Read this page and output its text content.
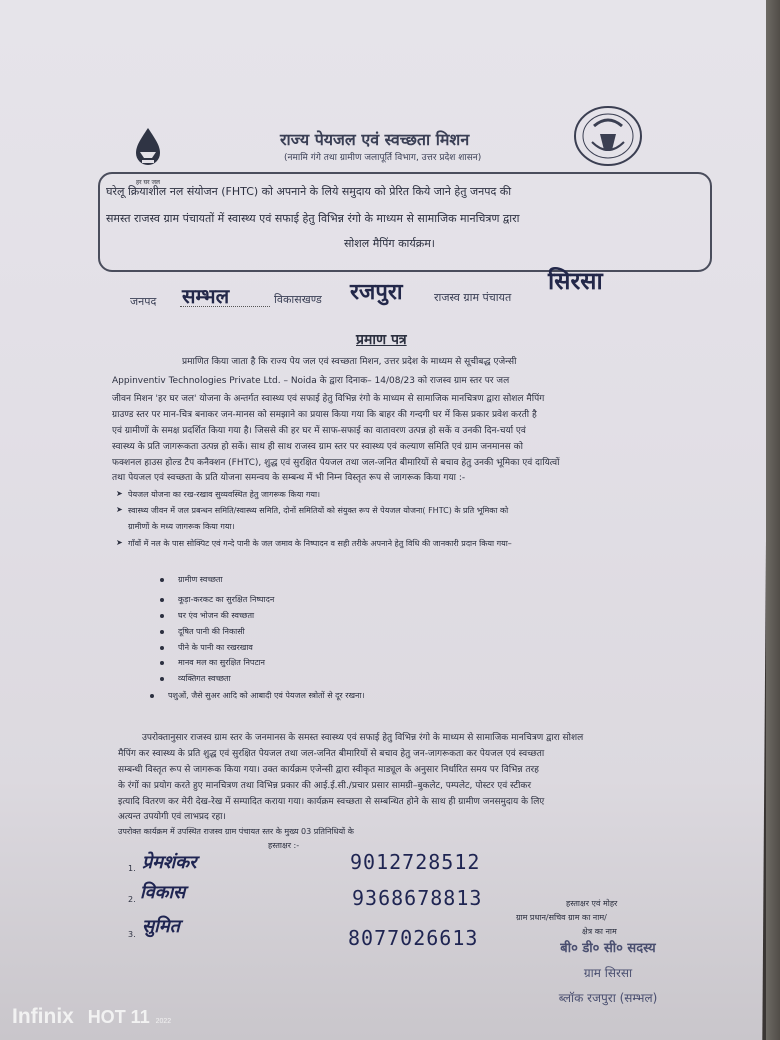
हर घर जल
राज्य पेयजल एवं स्वच्छता मिशन
(नमामि गंगे तथा ग्रामीण जलापूर्ति विभाग, उत्तर प्रदेश शासन)
घरेलू क्रियाशील नल संयोजन (FHTC) को अपनाने के लिये समुदाय को प्रेरित किये जाने हेतु जनपद की
समस्त राजस्व ग्राम पंचायतों में स्वास्थ्य एवं सफाई हेतु विभिन्न रंगो के माध्यम से सामाजिक मानचित्रण द्वारा
सोशल मैपिंग कार्यक्रम।
जनपद सम्भल	विकासखण्ड रजपुरा	राजस्व ग्राम पंचायत
सिरसा
प्रमाण पत्र
प्रमाणित किया जाता है कि राज्य पेय जल एवं स्वच्छता मिशन, उत्तर प्रदेश के माध्यम से सूचीबद्ध एजेन्सी
Appinventiv Technologies Private Ltd. – Noida के द्वारा दिनाक– 14/08/23 को राजस्व ग्राम स्तर पर जल
जीवन मिशन 'हर घर जल' योजना के अन्तर्गत स्वास्थ्य एवं सफाई हेतु विभिन्न रंगो के माध्यम से सामाजिक मानचित्रण द्वारा सोशल मैपिंग
ग्राउण्ड स्तर पर मान-चित्र बनाकर जन-मानस को समझाने का प्रयास किया गया कि बाहर की गन्दगी घर में किस प्रकार प्रवेश करती है
एवं ग्रामीणों के समक्ष प्रदर्शित किया गया है। जिससे की हर घर में साफ-सफाई का वातावरण उत्पन्न हो सकें व उनकी दिन-चर्या एवं
स्वास्थ्य के प्रति जागरूकता उत्पन्न हो सकें। साथ ही साथ राजस्व ग्राम स्तर पर स्वास्थ्य एवं कल्याण समिति एवं ग्राम जनमानस को
फक्शनल हाउस होल्ड टैप कनैक्शन (FHTC), शुद्ध एवं सुरक्षित पेयजल तथा जल-जनित बीमारियों से बचाव हेतु उनकी भूमिका एवं दायित्वों
तथा पेयजल एवं स्वच्छता के प्रति योजना समन्वय के सम्बन्ध में भी निम्न विस्तृत रूप से जागरूक किया गया :-
➤ पेयजल योजना का रख-रखाव सुव्यवस्थित हेतु जागरूक किया गया।
➤ स्वास्थ्य जीवन में जल प्रबन्धन समिति/स्वास्थ्य समिति, दोनों समितियों को संयुक्त रूप से पेयजल योजना( FHTC) के प्रति भूमिका को
ग्रामीणों के मध्य जागरूक किया गया।
➤ गाँवों में नल के पास सोक्पिट एवं गन्दे पानी के जल जमाव के निष्पादन व सही तरीके अपनाने हेतु विधि की जानकारी प्रदान किया गया–
ग्रामीण स्वच्छता
कूड़ा-करकट का सुरक्षित निष्पादन
घर एंव भोजन की स्वच्छता
दूषित पानी की निकासी
पीने के पानी का रखरखाव
मानव मल का सुरक्षित निपटान
व्यक्तिगत स्वच्छता
पशुओं, जैसे सुअर आदि को आबादी एवं पेयजल स्त्रोतों से दूर रखना।
उपरोक्तानुसार राजस्व ग्राम स्तर के जनमानस के समस्त स्वास्थ्य एवं सफाई हेतु विभिन्न रंगो के माध्यम से सामाजिक मानचित्रण द्वारा सोशल
मैपिंग कर स्वास्थ्य के प्रति शुद्ध एवं सुरक्षित पेयजल तथा जल-जनित बीमारियों से बचाव हेतु जन-जागरूकता कर पेयजल एवं स्वच्छता
सम्बन्धी विस्तृत रूप से जागरूक किया गया। उक्त कार्यक्रम एजेन्सी द्वारा स्वीकृत माड्यूल के अनुसार निर्धारित समय पर विभिन्न तरह
के रंगों का प्रयोग करते हुए मानचित्रण तथा विभिन्न प्रकार की आई.ई.सी./प्रचार प्रसार सामग्री–बुकलेट, पम्पलेट, पोस्टर एवं स्टीकर
इत्यादि वितरण कर मेरी देख-रेख में सम्पादित कराया गया। कार्यक्रम स्वच्छता से सम्बन्धित होने के साथ ही ग्रामीण जनसमुदाय के लिए
अत्यन्त उपयोगी एवं लाभप्रद रहा।
उपरोक्त कार्यक्रम में उपस्थित राजस्व ग्राम पंचायत स्तर के मुख्य 03 प्रतिनिधियों के
हस्ताक्षर :-
1. प्रेमशंकर	9012728512
2. विकास	9368678813
3. सुमित	8077026613
हस्ताक्षर एवं मोहर
ग्राम प्रधान/सचिव ग्राम का नाम/
क्षेत्र का नाम
बी० डी० सी० सदस्य
ग्राम सिरसा
ब्लॉक रजपुरा (सम्भल)
Infinix HOT 11 2022
